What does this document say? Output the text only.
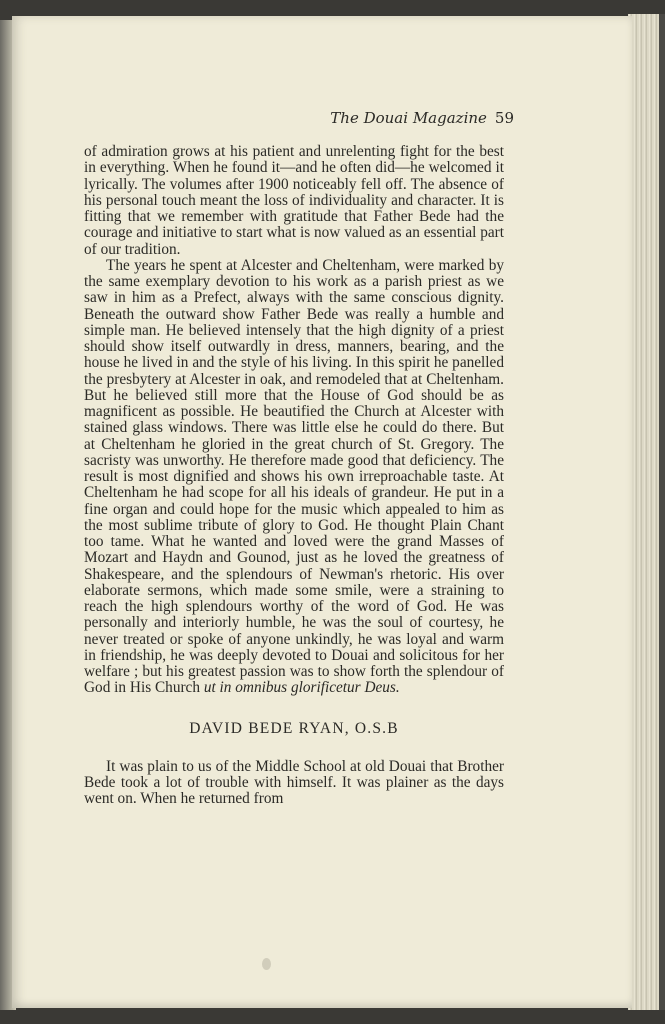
The Douai Magazine 59

of admiration grows at his patient and unrelenting fight for the best in everything. When he found it—and he often did—he welcomed it lyrically. The volumes after 1900 noticeably fell off. The absence of his personal touch meant the loss of individuality and character. It is fitting that we remember with gratitude that Father Bede had the courage and initiative to start what is now valued as an essential part of our tradition.

The years he spent at Alcester and Cheltenham, were marked by the same exemplary devotion to his work as a parish priest as we saw in him as a Prefect, always with the same conscious dignity. Beneath the outward show Father Bede was really a humble and simple man. He believed intensely that the high dignity of a priest should show itself outwardly in dress, manners, bearing, and the house he lived in and the style of his living. In this spirit he panelled the presbytery at Alcester in oak, and remodeled that at Cheltenham. But he believed still more that the House of God should be as magnificent as possible. He beautified the Church at Alcester with stained glass windows. There was little else he could do there. But at Cheltenham he gloried in the great church of St. Gregory. The sacristy was unworthy. He therefore made good that deficiency. The result is most dignified and shows his own irreproachable taste. At Cheltenham he had scope for all his ideals of grandeur. He put in a fine organ and could hope for the music which appealed to him as the most sublime tribute of glory to God. He thought Plain Chant too tame. What he wanted and loved were the grand Masses of Mozart and Haydn and Gounod, just as he loved the greatness of Shakespeare, and the splendours of Newman's rhetoric. His over elaborate sermons, which made some smile, were a straining to reach the high splendours worthy of the word of God. He was personally and interiorly humble, he was the soul of courtesy, he never treated or spoke of anyone unkindly, he was loyal and warm in friendship, he was deeply devoted to Douai and solicitous for her welfare ; but his greatest passion was to show forth the splendour of God in His Church ut in omnibus glorificetur Deus.

DAVID BEDE RYAN, O.S.B

It was plain to us of the Middle School at old Douai that Brother Bede took a lot of trouble with himself. It was plainer as the days went on. When he returned from
